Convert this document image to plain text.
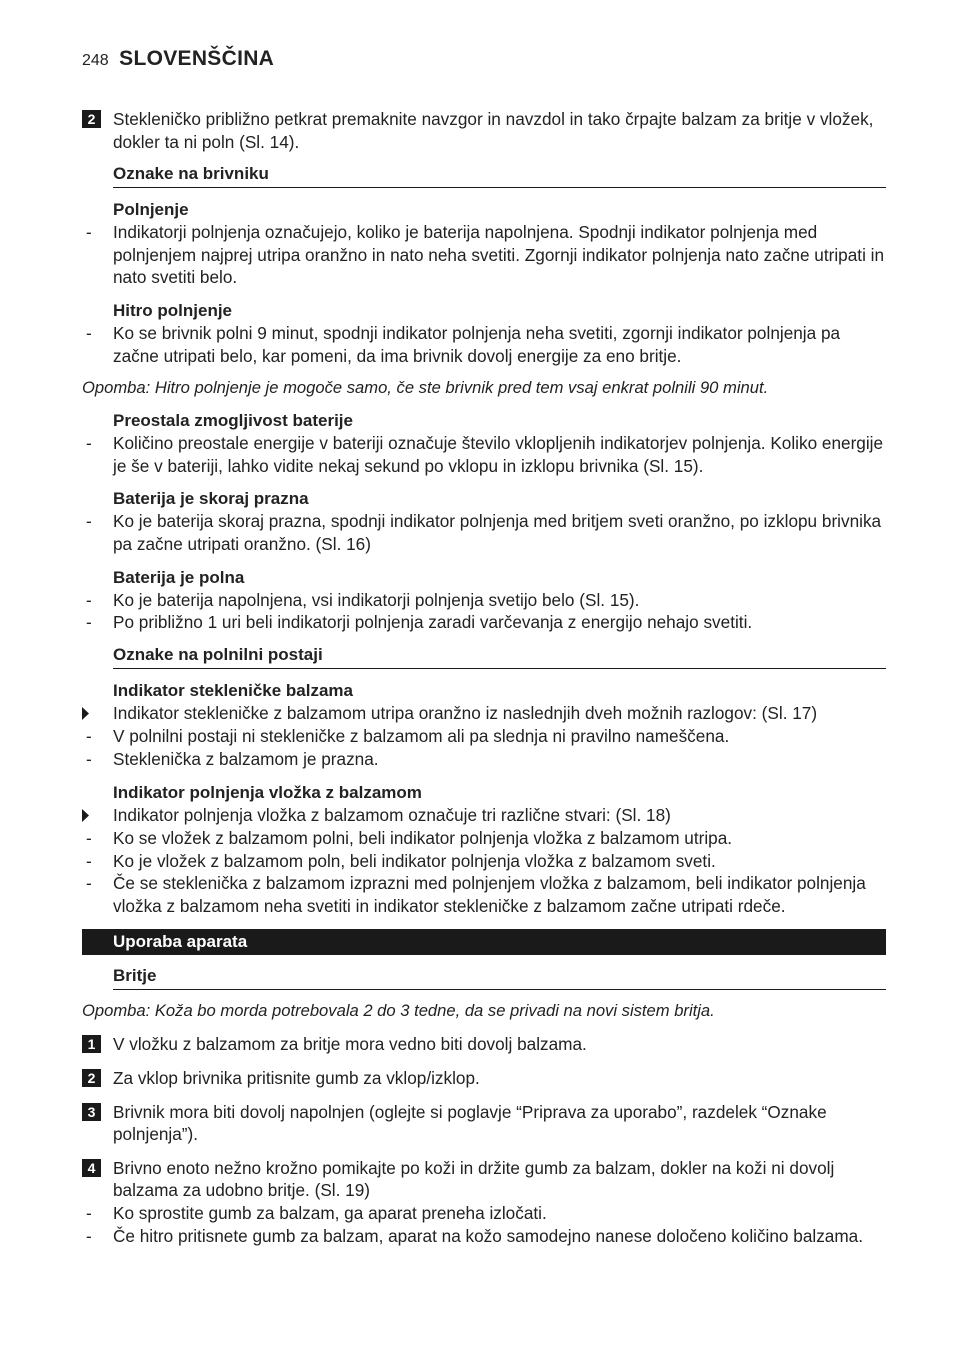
248 SLOVENŠČINA
2	Stekleničko približno petkrat premaknite navzgor in navzdol in tako črpajte balzam za britje v vložek, dokler ta ni poln (Sl. 14).
Oznake na brivniku
Polnjenje
-	Indikatorji polnjenja označujejo, koliko je baterija napolnjena. Spodnji indikator polnjenja med polnjenjem najprej utripa oranžno in nato neha svetiti. Zgornji indikator polnjenja nato začne utripati in nato svetiti belo.
Hitro polnjenje
-	Ko se brivnik polni 9 minut, spodnji indikator polnjenja neha svetiti, zgornji indikator polnjenja pa začne utripati belo, kar pomeni, da ima brivnik dovolj energije za eno britje.
Opomba: Hitro polnjenje je mogoče samo, če ste brivnik pred tem vsaj enkrat polnili 90 minut.
Preostala zmogljivost baterije
-	Količino preostale energije v bateriji označuje število vklopljenih indikatorjev polnjenja. Koliko energije je še v bateriji, lahko vidite nekaj sekund po vklopu in izklopu brivnika (Sl. 15).
Baterija je skoraj prazna
-	Ko je baterija skoraj prazna, spodnji indikator polnjenja med britjem sveti oranžno, po izklopu brivnika pa začne utripati oranžno. (Sl. 16)
Baterija je polna
-	Ko je baterija napolnjena, vsi indikatorji polnjenja svetijo belo (Sl. 15).
-	Po približno 1 uri beli indikatorji polnjenja zaradi varčevanja z energijo nehajo svetiti.
Oznake na polnilni postaji
Indikator stekleničke balzama
Indikator stekleničke z balzamom utripa oranžno iz naslednjih dveh možnih razlogov: (Sl. 17)
-	V polnilni postaji ni stekleničke z balzamom ali pa slednja ni pravilno nameščena.
-	Steklenička z balzamom je prazna.
Indikator polnjenja vložka z balzamom
Indikator polnjenja vložka z balzamom označuje tri različne stvari: (Sl. 18)
-	Ko se vložek z balzamom polni, beli indikator polnjenja vložka z balzamom utripa.
-	Ko je vložek z balzamom poln, beli indikator polnjenja vložka z balzamom sveti.
-	Če se steklenička z balzamom izprazni med polnjenjem vložka z balzamom, beli indikator polnjenja vložka z balzamom neha svetiti in indikator stekleničke z balzamom začne utripati rdeče.
Uporaba aparata
Britje
Opomba: Koža bo morda potrebovala 2 do 3 tedne, da se privadi na novi sistem britja.
1	V vložku z balzamom za britje mora vedno biti dovolj balzama.
2	Za vklop brivnika pritisnite gumb za vklop/izklop.
3	Brivnik mora biti dovolj napolnjen (oglejte si poglavje “Priprava za uporabo”, razdelek “Oznake polnjenja”).
4	Brivno enoto nežno krožno pomikajte po koži in držite gumb za balzam, dokler na koži ni dovolj balzama za udobno britje. (Sl. 19)
-	Ko sprostite gumb za balzam, ga aparat preneha izločati.
-	Če hitro pritisnete gumb za balzam, aparat na kožo samodejno nanese določeno količino balzama.
